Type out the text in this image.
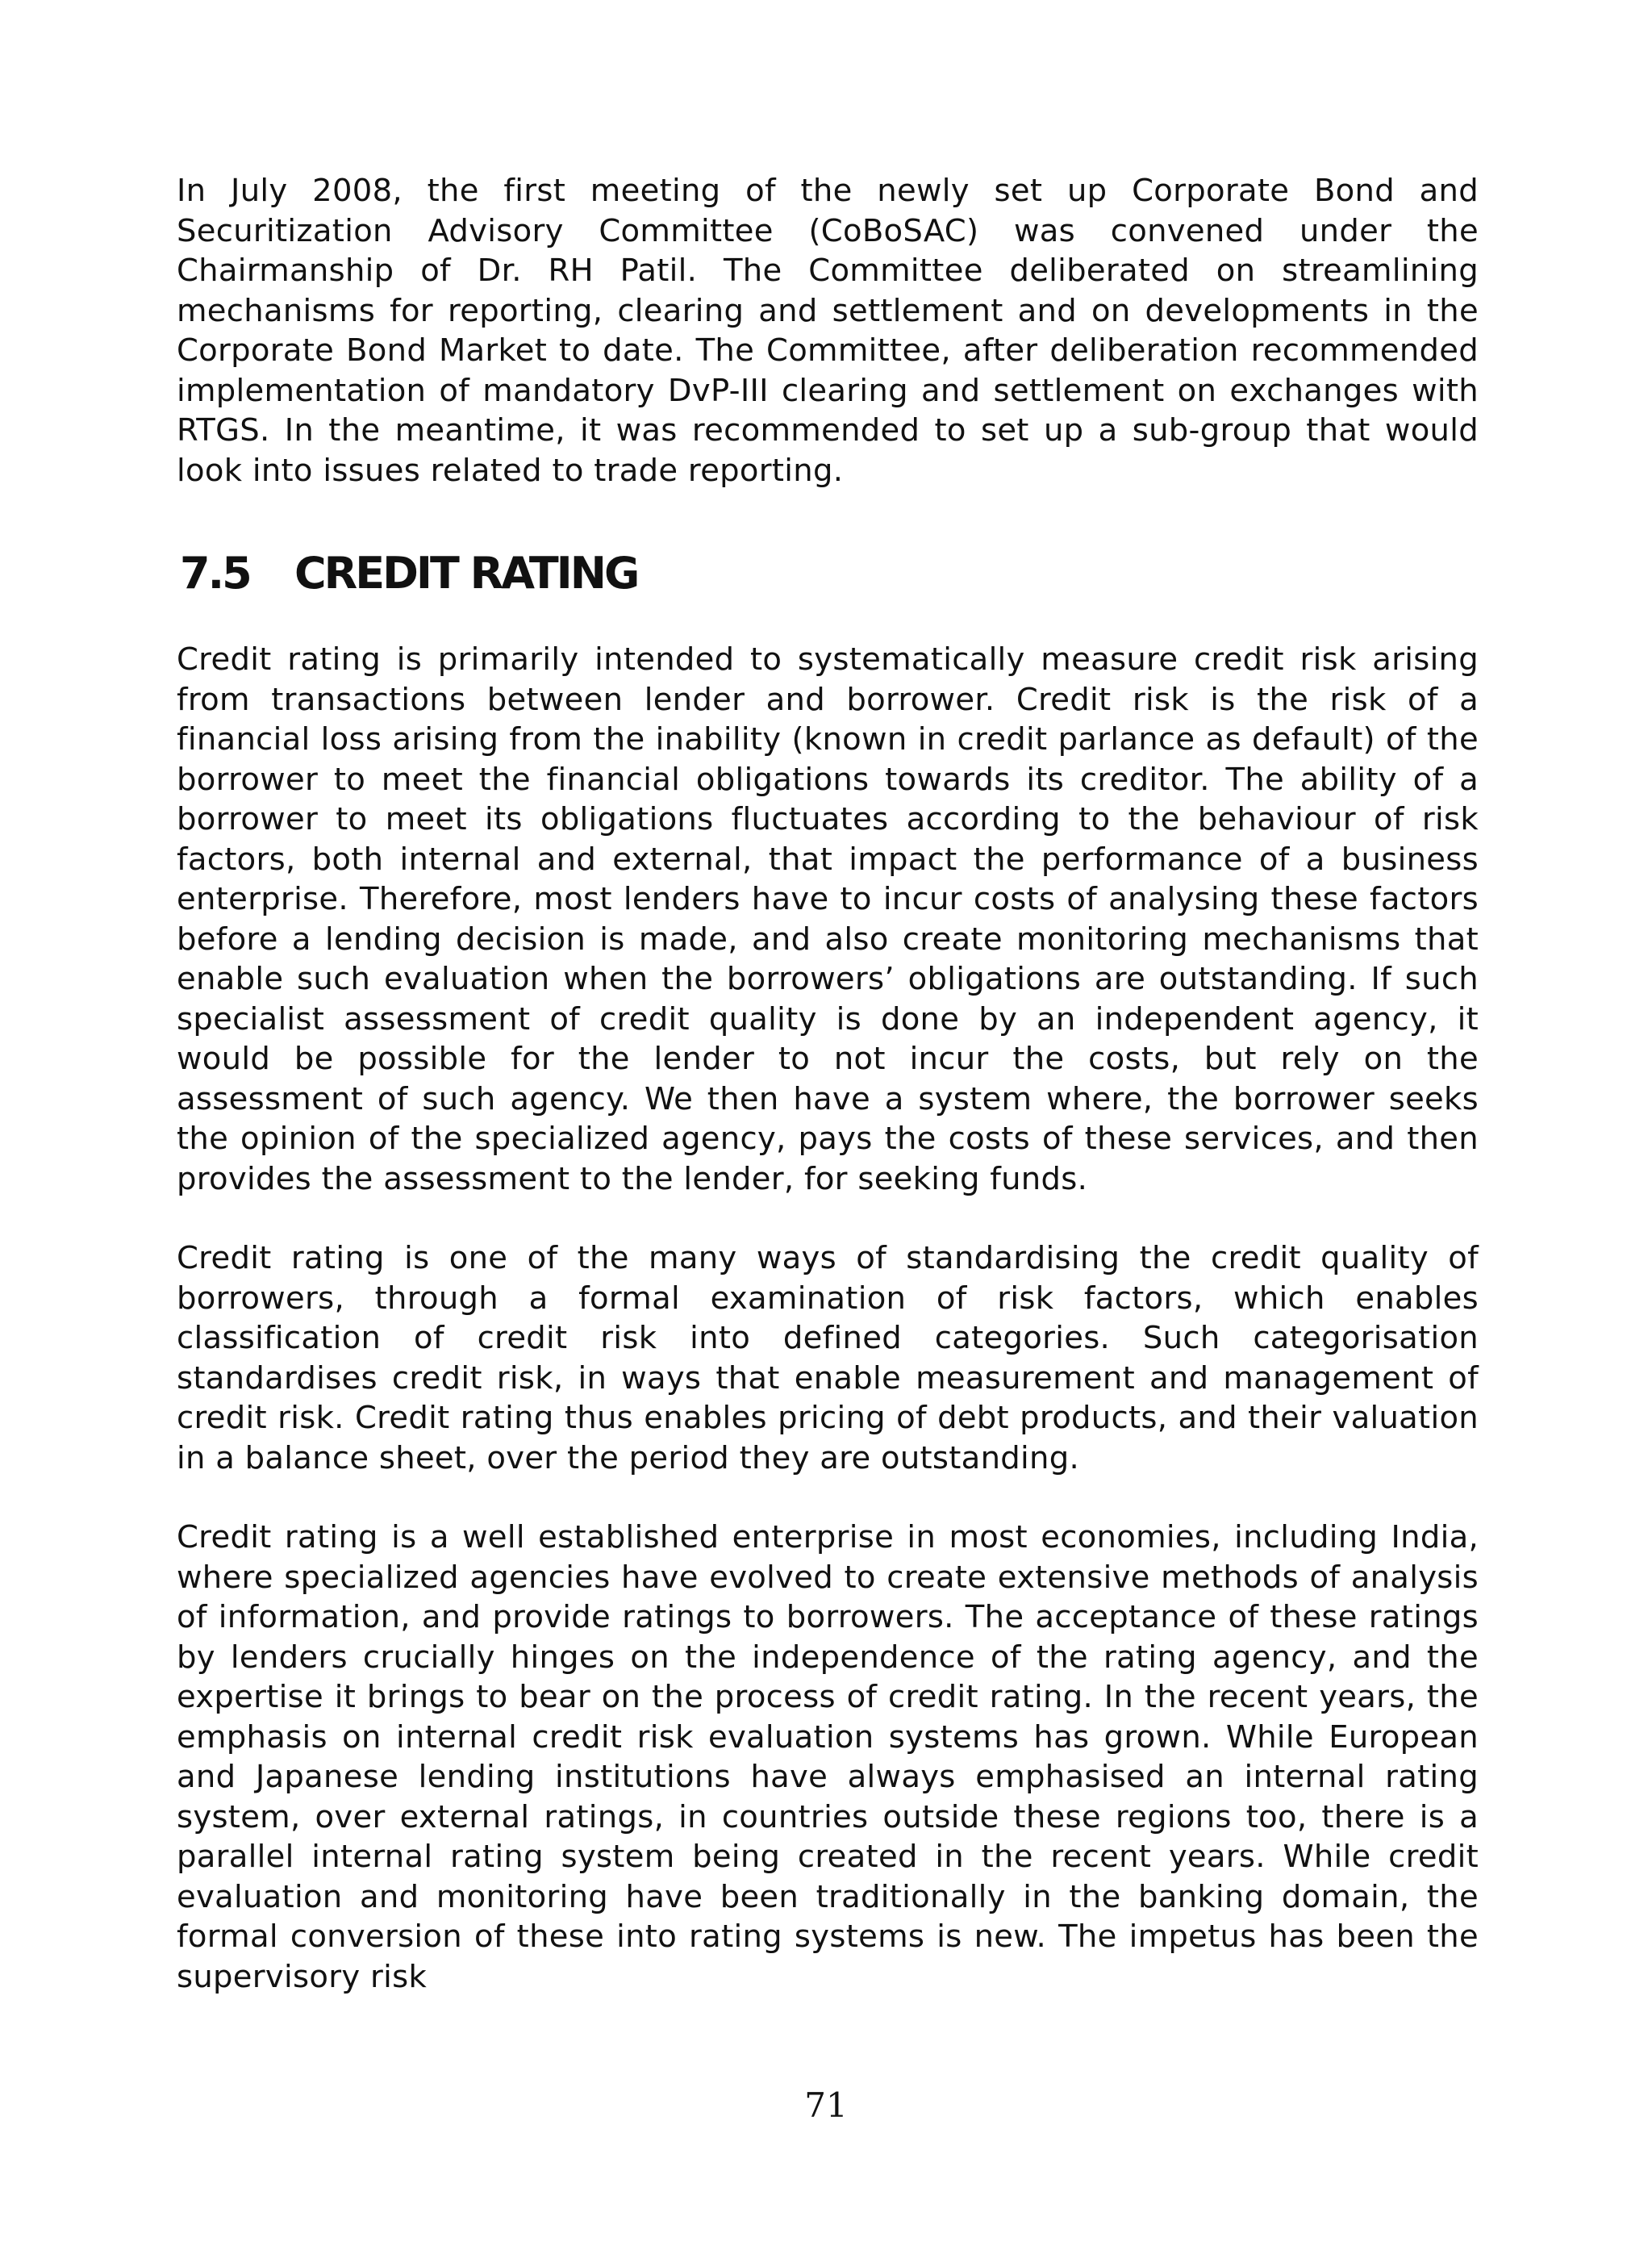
In July 2008, the first meeting of the newly set up Corporate Bond and Securitization Advisory Committee (CoBoSAC) was convened under the Chairmanship of Dr. RH Patil. The Committee deliberated on streamlining mechanisms for reporting, clearing and settlement and on developments in the Corporate Bond Market to date. The Committee, after deliberation recommended implementation of mandatory DvP-III clearing and settlement on exchanges with RTGS. In the meantime, it was recommended to set up a sub-group that would look into issues related to trade reporting.

7.5	CREDIT RATING

Credit rating is primarily intended to systematically measure credit risk arising from transactions between lender and borrower. Credit risk is the risk of a financial loss arising from the inability (known in credit parlance as default) of the borrower to meet the financial obligations towards its creditor. The ability of a borrower to meet its obligations fluctuates according to the behaviour of risk factors, both internal and external, that impact the performance of a business enterprise. Therefore, most lenders have to incur costs of analysing these factors before a lending decision is made, and also create monitoring mechanisms that enable such evaluation when the borrowers’ obligations are outstanding. If such specialist assessment of credit quality is done by an independent agency, it would be possible for the lender to not incur the costs, but rely on the assessment of such agency. We then have a system where, the borrower seeks the opinion of the specialized agency, pays the costs of these services, and then provides the assessment to the lender, for seeking funds.

Credit rating is one of the many ways of standardising the credit quality of borrowers, through a formal examination of risk factors, which enables classification of credit risk into defined categories. Such categorisation standardises credit risk, in ways that enable measurement and management of credit risk. Credit rating thus enables pricing of debt products, and their valuation in a balance sheet, over the period they are outstanding.

Credit rating is a well established enterprise in most economies, including India, where specialized agencies have evolved to create extensive methods of analysis of information, and provide ratings to borrowers. The acceptance of these ratings by lenders crucially hinges on the independence of the rating agency, and the expertise it brings to bear on the process of credit rating. In the recent years, the emphasis on internal credit risk evaluation systems has grown. While European and Japanese lending institutions have always emphasised an internal rating system, over external ratings, in countries outside these regions too, there is a parallel internal rating system being created in the recent years. While credit evaluation and monitoring have been traditionally in the banking domain, the formal conversion of these into rating systems is new. The impetus has been the supervisory risk

71
